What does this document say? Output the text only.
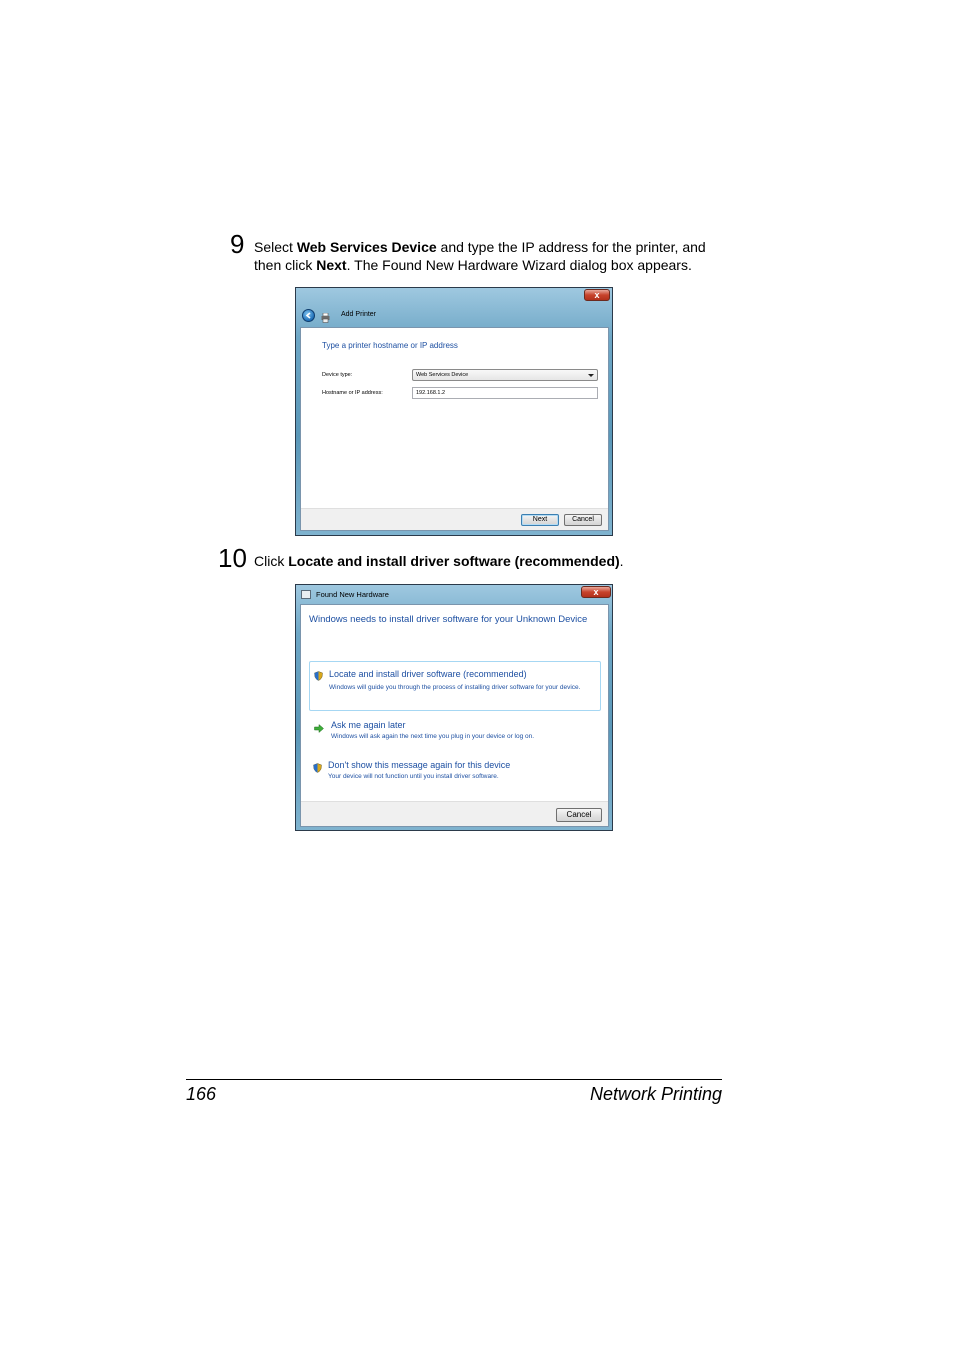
9 Select Web Services Device and type the IP address for the printer, and then click Next. The Found New Hardware Wizard dialog box appears.
x
Add Printer
Type a printer hostname or IP address
Device type:	Web Services Device
Hostname or IP address:	192.168.1.2
Next	Cancel
10 Click Locate and install driver software (recommended).
Found New Hardware	x
Windows needs to install driver software for your Unknown Device
Locate and install driver software (recommended)
Windows will guide you through the process of installing driver software for your device.
Ask me again later
Windows will ask again the next time you plug in your device or log on.
Don't show this message again for this device
Your device will not function until you install driver software.
Cancel
166	Network Printing
